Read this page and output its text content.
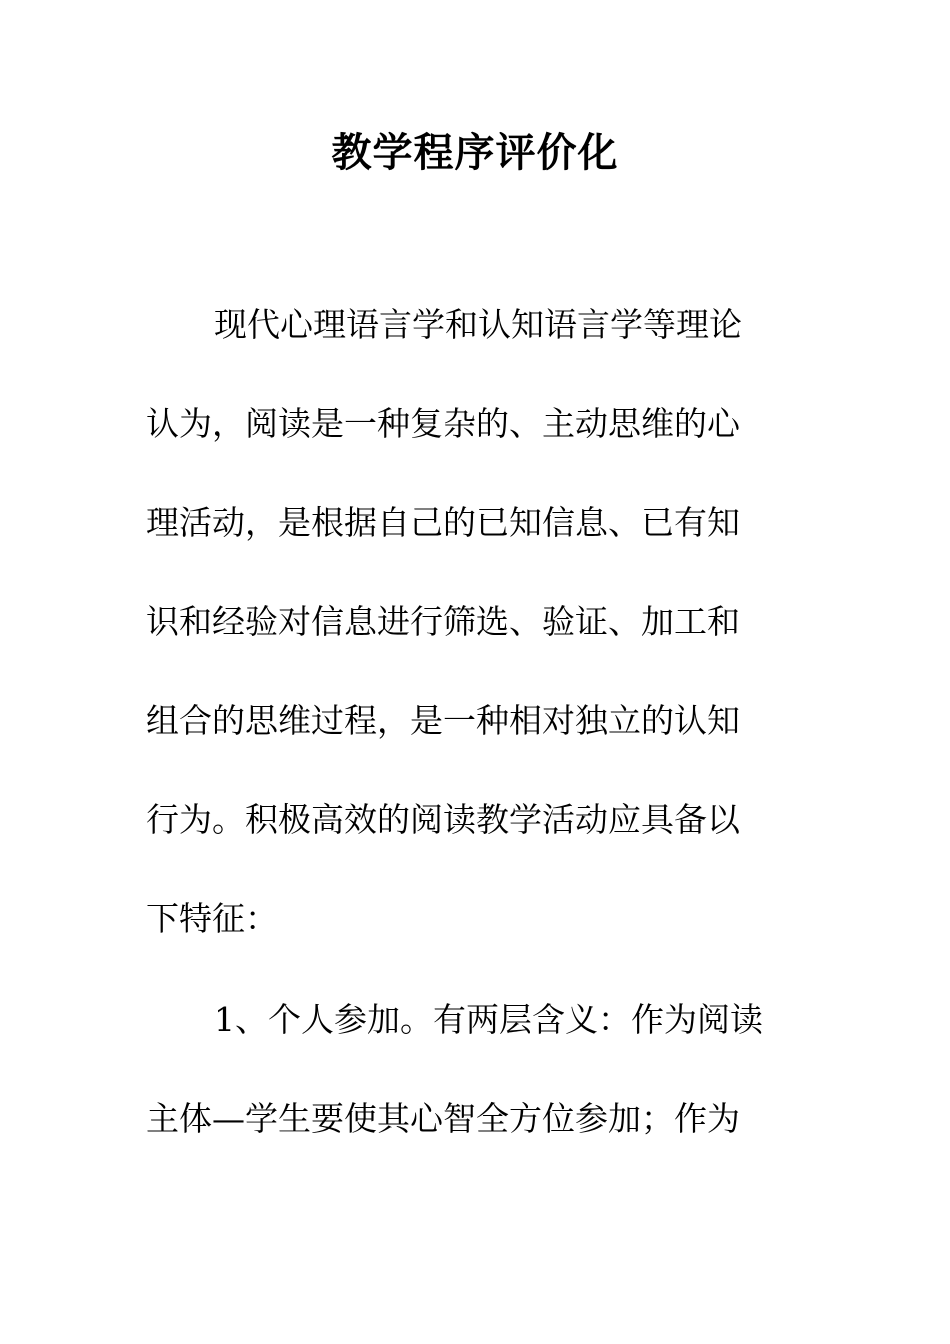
教学程序评价化
现代心理语言学和认知语言学等理论
认为，阅读是一种复杂的、主动思维的心
理活动，是根据自己的已知信息、已有知
识和经验对信息进行筛选、验证、加工和
组合的思维过程，是一种相对独立的认知
行为。积极高效的阅读教学活动应具备以
下特征：
1、个人参加。有两层含义：作为阅读
主体—学生要使其心智全方位参加；作为
